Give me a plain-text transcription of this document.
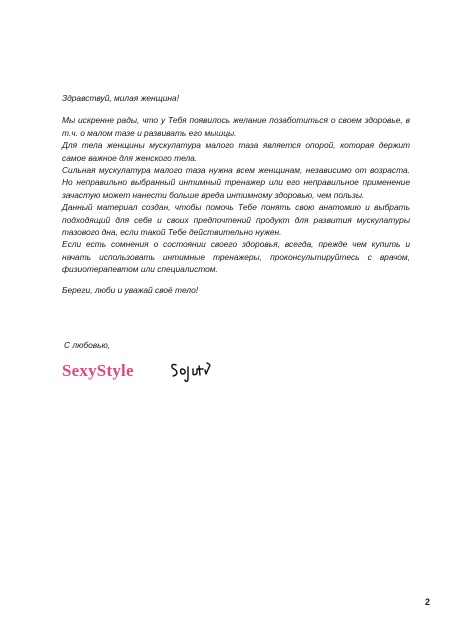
Здравствуй, милая женщина!

Мы искренне рады, что у Тебя появилось желание позаботиться о своем здоровье, в т.ч. о малом тазе и развивать его мышцы.

Для тела женщины мускулатура малого таза является опорой, которая держит самое важное для женского тела.

Сильная мускулатура малого таза нужна всем женщинам, независимо от возраста. Но неправильно выбранный интимный тренажер или его неправильное применение зачастую может нанести больше вреда интимному здоровью, чем пользы.

Данный материал создан, чтобы помочь Тебе понять свою анатомию и выбрать подходящий для себя и своих предпочтений продукт для развития мускулатуры тазового дна, если такой Тебе действительно нужен.

Если есть сомнения о состоянии своего здоровья, всегда, прежде чем купить и начать использовать интимные тренажеры, проконсультируйтесь с врачом, физиотерапевтом или специалистом.

Береги, люби и уважай своё тело!

С любовью,
SexyStyle
2
